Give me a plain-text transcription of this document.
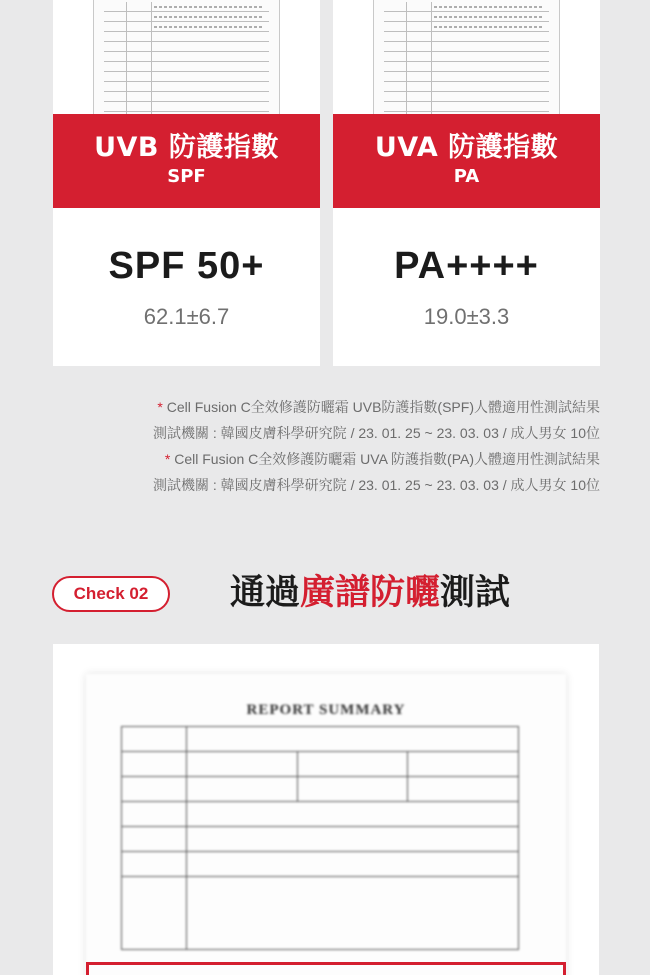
UVB 防護指數
SPF
SPF 50+
62.1±6.7
UVA 防護指數
PA
PA++++
19.0±3.3

* Cell Fusion C全效修護防曬霜 UVB防護指數(SPF)人體適用性測試結果

測試機關 : 韓國皮膚科學研究院 / 23. 01. 25 ~ 23. 03. 03 / 成人男女 10位

* Cell Fusion C全效修護防曬霜 UVA 防護指數(PA)人體適用性測試結果

測試機關 : 韓國皮膚科學研究院 / 23. 01. 25 ~ 23. 03. 03 / 成人男女 10位

Check 02	通過廣譜防曬測試
REPORT SUMMARY
